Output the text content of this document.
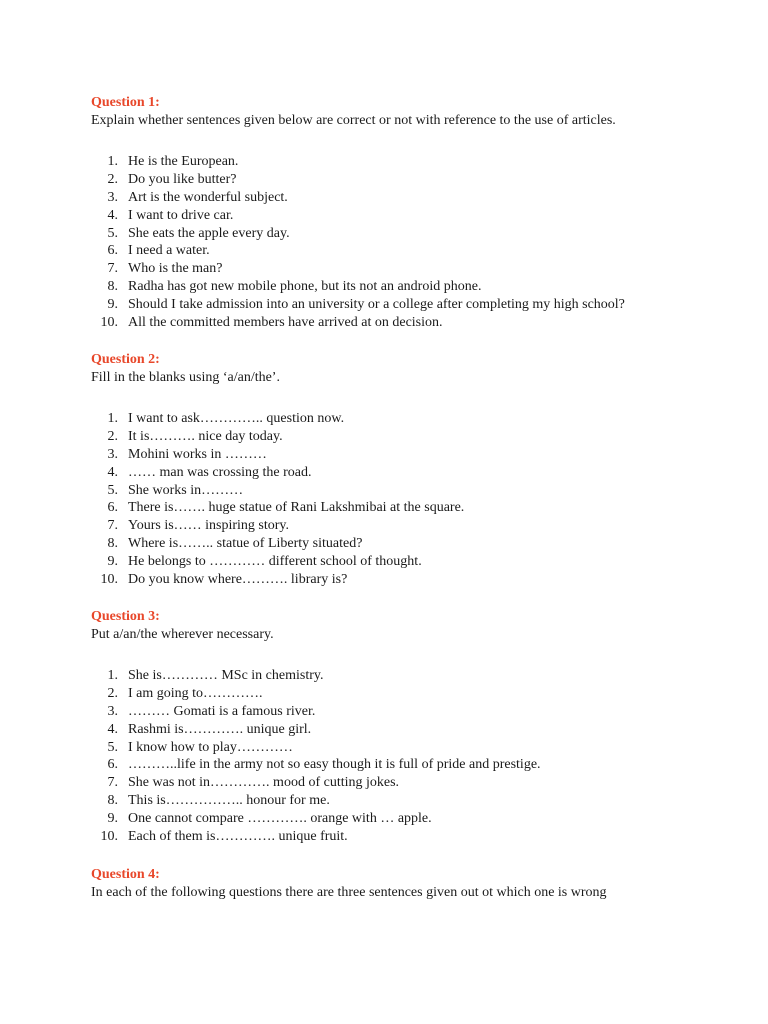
Question 1:
Explain whether sentences given below are correct or not with reference to the use of articles.
1. He is the European.
2. Do you like butter?
3. Art is the wonderful subject.
4. I want to drive car.
5. She eats the apple every day.
6. I need a water.
7. Who is the man?
8. Radha has got new mobile phone, but its not an android phone.
9. Should I take admission into an university or a college after completing my high school?
10. All the committed members have arrived at on decision.
Question 2:
Fill in the blanks using ‘a/an/the’.
1. I want to ask………….. question now.
2. It is………. nice day today.
3. Mohini works in ………
4. …… man was crossing the road.
5. She works in………
6. There is……. huge statue of Rani Lakshmibai at the square.
7. Yours is…… inspiring story.
8. Where is…….. statue of Liberty situated?
9. He belongs to ………… different school of thought.
10. Do you know where………. library is?
Question 3:
Put a/an/the wherever necessary.
1. She is………… MSc in chemistry.
2. I am going to………….
3. ……… Gomati is a famous river.
4. Rashmi is…………. unique girl.
5. I know how to play…………
6. ………..life in the army not so easy though it is full of pride and prestige.
7. She was not in…………. mood of cutting jokes.
8. This is…………….. honour for me.
9. One cannot compare …………. orange with … apple.
10. Each of them is…………. unique fruit.
Question 4:
In each of the following questions there are three sentences given out ot which one is wrong
